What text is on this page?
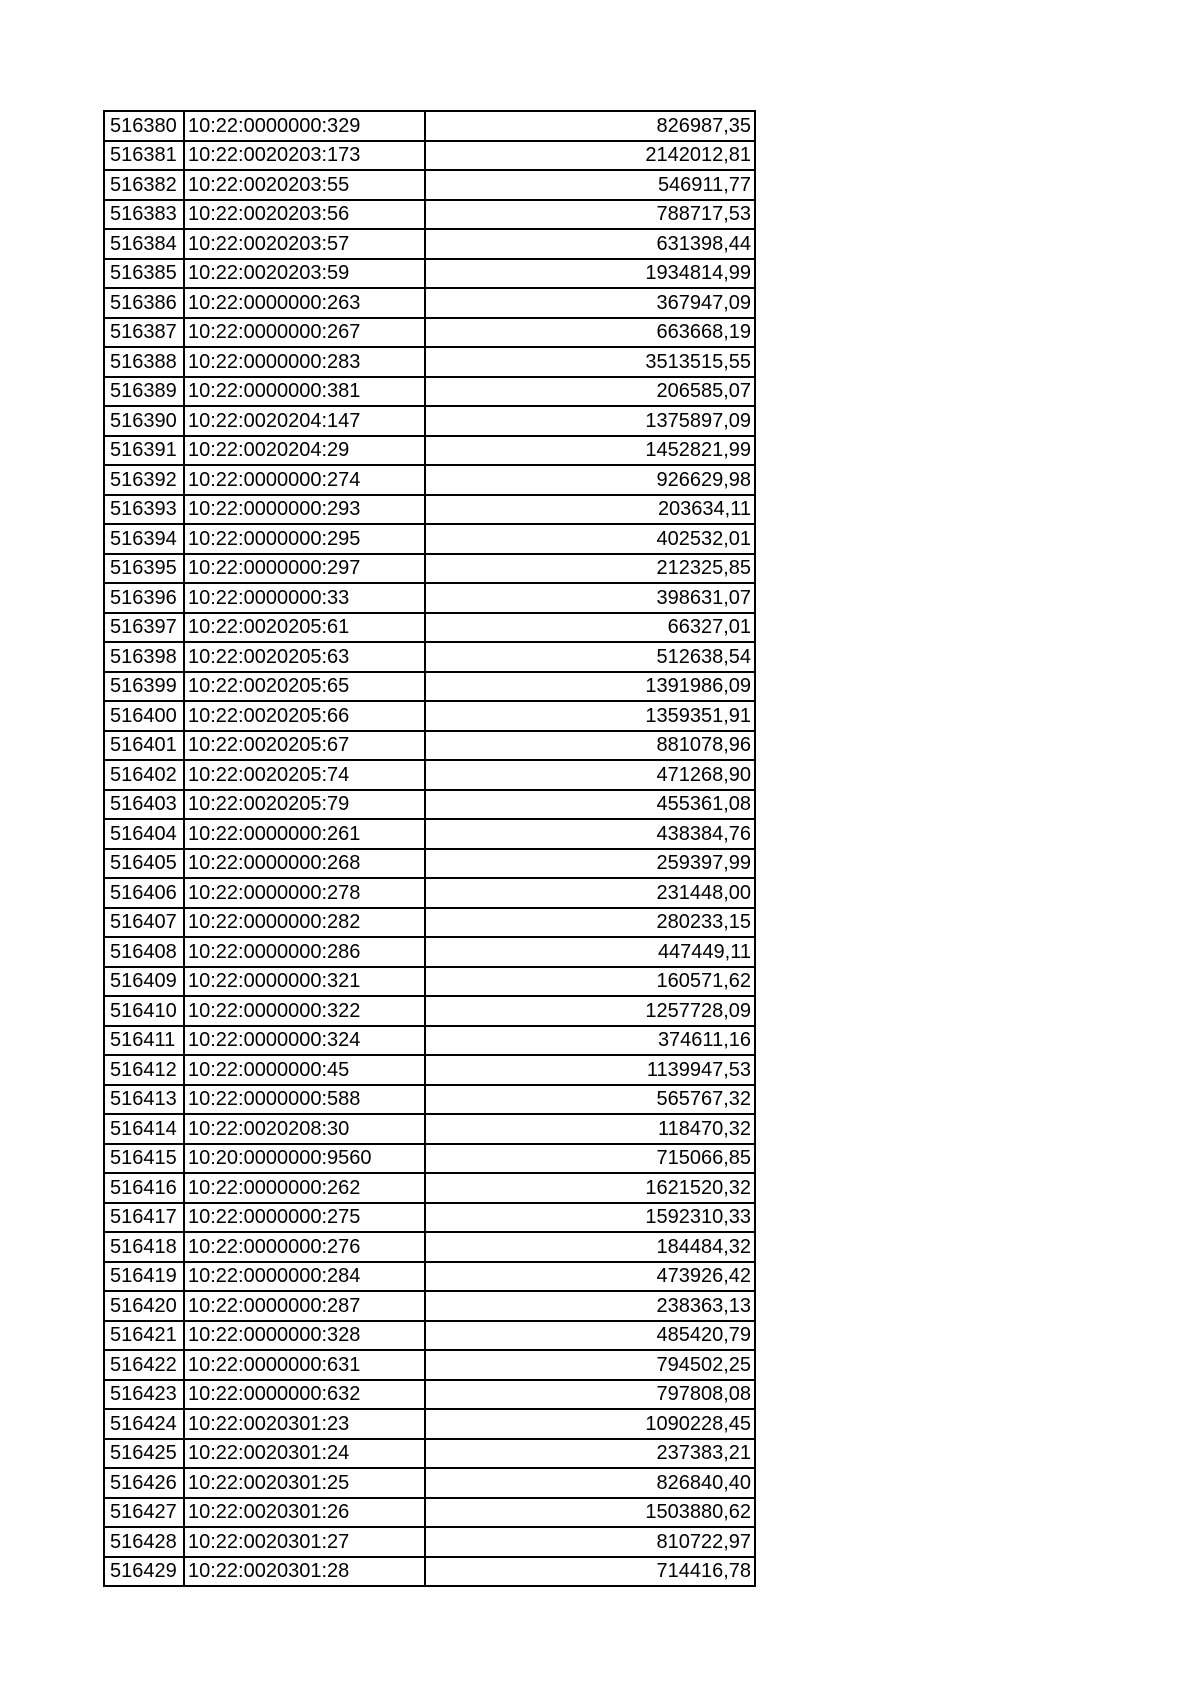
516380	10:22:0000000:329	826987,35
516381	10:22:0020203:173	2142012,81
516382	10:22:0020203:55	546911,77
516383	10:22:0020203:56	788717,53
516384	10:22:0020203:57	631398,44
516385	10:22:0020203:59	1934814,99
516386	10:22:0000000:263	367947,09
516387	10:22:0000000:267	663668,19
516388	10:22:0000000:283	3513515,55
516389	10:22:0000000:381	206585,07
516390	10:22:0020204:147	1375897,09
516391	10:22:0020204:29	1452821,99
516392	10:22:0000000:274	926629,98
516393	10:22:0000000:293	203634,11
516394	10:22:0000000:295	402532,01
516395	10:22:0000000:297	212325,85
516396	10:22:0000000:33	398631,07
516397	10:22:0020205:61	66327,01
516398	10:22:0020205:63	512638,54
516399	10:22:0020205:65	1391986,09
516400	10:22:0020205:66	1359351,91
516401	10:22:0020205:67	881078,96
516402	10:22:0020205:74	471268,90
516403	10:22:0020205:79	455361,08
516404	10:22:0000000:261	438384,76
516405	10:22:0000000:268	259397,99
516406	10:22:0000000:278	231448,00
516407	10:22:0000000:282	280233,15
516408	10:22:0000000:286	447449,11
516409	10:22:0000000:321	160571,62
516410	10:22:0000000:322	1257728,09
516411	10:22:0000000:324	374611,16
516412	10:22:0000000:45	1139947,53
516413	10:22:0000000:588	565767,32
516414	10:22:0020208:30	118470,32
516415	10:20:0000000:9560	715066,85
516416	10:22:0000000:262	1621520,32
516417	10:22:0000000:275	1592310,33
516418	10:22:0000000:276	184484,32
516419	10:22:0000000:284	473926,42
516420	10:22:0000000:287	238363,13
516421	10:22:0000000:328	485420,79
516422	10:22:0000000:631	794502,25
516423	10:22:0000000:632	797808,08
516424	10:22:0020301:23	1090228,45
516425	10:22:0020301:24	237383,21
516426	10:22:0020301:25	826840,40
516427	10:22:0020301:26	1503880,62
516428	10:22:0020301:27	810722,97
516429	10:22:0020301:28	714416,78
